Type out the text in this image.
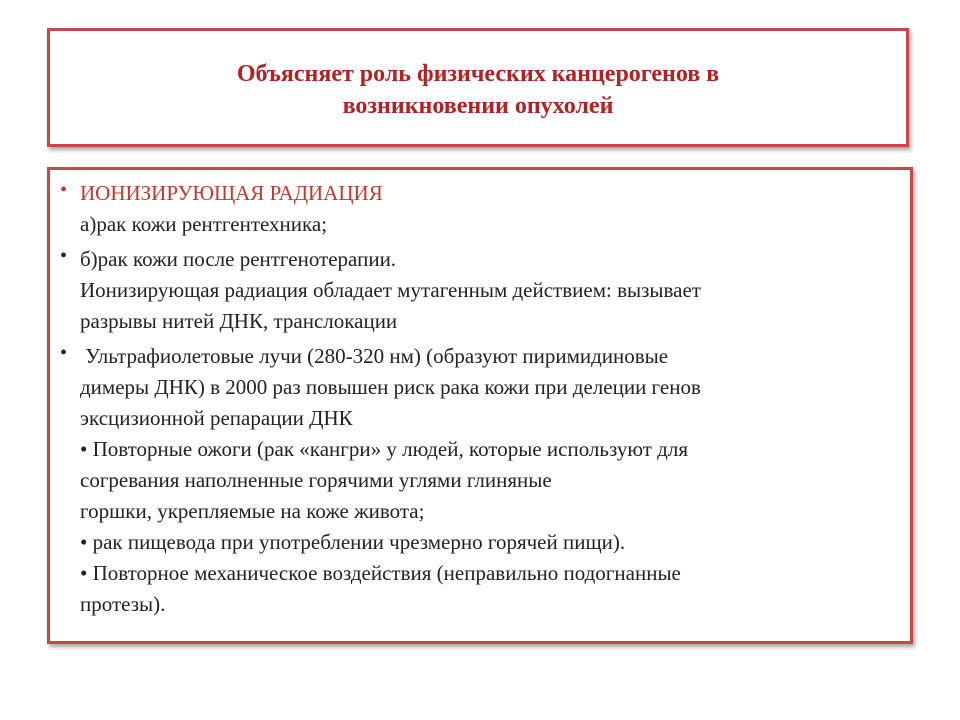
Объясняет роль физических канцерогенов в
возникновении опухолей
• ИОНИЗИРУЮЩАЯ РАДИАЦИЯ
а)рак кожи рентгентехника;
• б)рак кожи после рентгенотерапии.
Ионизирующая радиация обладает мутагенным действием: вызывает
разрывы нитей ДНК, транслокации
• Ультрафиолетовые лучи (280-320 нм) (образуют пиримидиновые
димеры ДНК) в 2000 раз повышен риск рака кожи при делеции генов
эксцизионной репарации ДНК
• Повторные ожоги (рак «кангри» у людей, которые используют для
согревания наполненные горячими углями глиняные
горшки, укрепляемые на коже живота;
• рак пищевода при употреблении чрезмерно горячей пищи).
• Повторное механическое воздействия (неправильно подогнанные
протезы).
